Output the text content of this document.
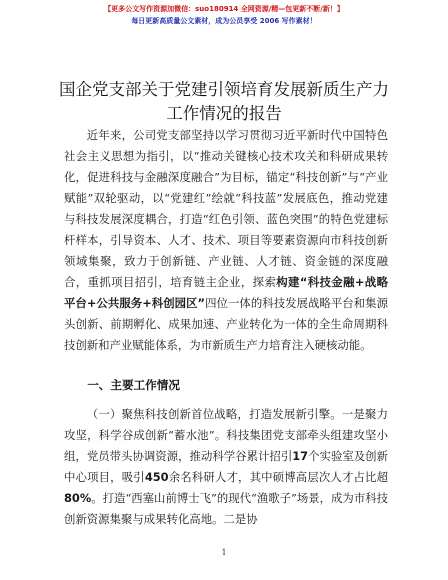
【更多公文写作资源加微信：suo180914 全网资源/精—包更新不断/新！】
每日更新高质量公文素材，成为公员享受 2006 写作素材！
国企党支部关于党建引领培育发展新质生产力
工作情况的报告

近年来，公司党支部坚持以学习贯彻习近平新时代中国特色社会主义思想为指引，以“推动关键核心技术攻关和科研成果转化，促进科技与金融深度融合”为目标，锚定“科技创新”与“产业赋能”双轮驱动，以“党建红”绘就“科技蓝”发展底色，推动党建与科技发展深度耦合，打造“红色引领、蓝色突围”的特色党建标杆样本，引导资本、人才、技术、项目等要素资源向市科技创新领域集聚，致力于创新链、产业链、人才链、资金链的深度融合，重抓项目招引，培育链主企业，探索构建“科技金融+战略平台+公共服务+科创园区”四位一体的科技发展战略平台和集源头创新、前期孵化、成果加速、产业转化为一体的全生命周期科技创新和产业赋能体系，为市新质生产力培育注入硬核动能。

一、主要工作情况

（一）聚焦科技创新首位战略，打造发展新引擎。一是聚力攻坚，科学谷成创新“蓄水池”。科技集团党支部牵头组建攻坚小组，党员带头协调资源，推动科学谷累计招引17个实验室及创新中心项目，吸引450余名科研人才，其中硕博高层次人才占比超80%。打造“西塞山前博士飞”的现代“渔歌子”场景，成为市科技创新资源集聚与成果转化高地。二是协

1
